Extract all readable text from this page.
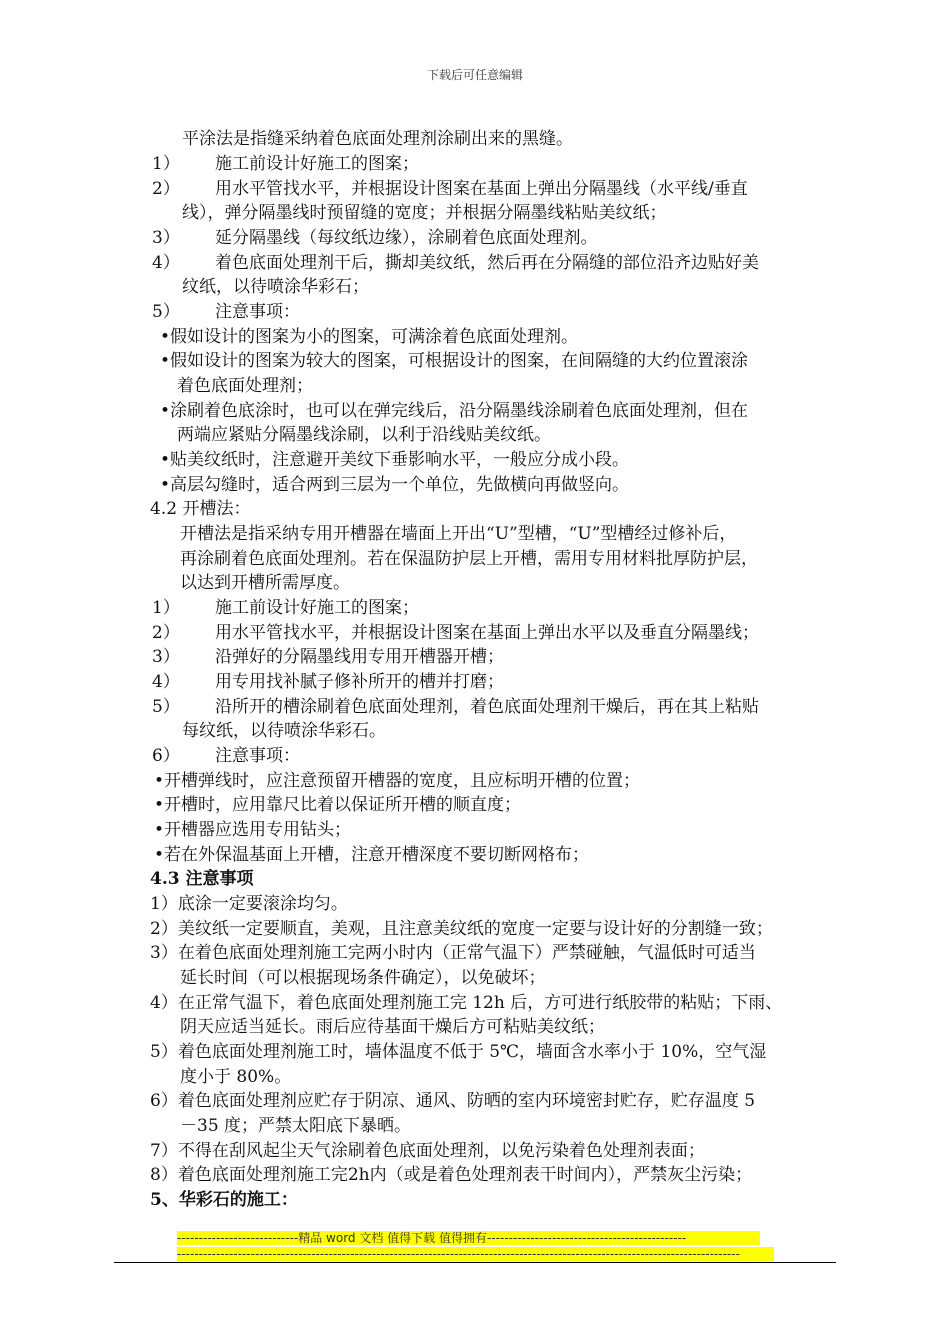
下载后可任意编辑
平涂法是指缝采纳着色底面处理剂涂刷出来的黑缝。
1） 施工前设计好施工的图案；
2） 用水平管找水平，并根据设计图案在基面上弹出分隔墨线（水平线/垂直
线），弹分隔墨线时预留缝的宽度；并根据分隔墨线粘贴美纹纸；
3） 延分隔墨线（每纹纸边缘），涂刷着色底面处理剂。
4） 着色底面处理剂干后，撕却美纹纸，然后再在分隔缝的部位沿齐边贴好美
纹纸，以待喷涂华彩石；
5） 注意事项：
•假如设计的图案为小的图案，可满涂着色底面处理剂。
•假如设计的图案为较大的图案，可根据设计的图案，在间隔缝的大约位置滚涂
着色底面处理剂；
•涂刷着色底涂时，也可以在弹完线后，沿分隔墨线涂刷着色底面处理剂，但在
两端应紧贴分隔墨线涂刷，以利于沿线贴美纹纸。
•贴美纹纸时，注意避开美纹下垂影响水平，一般应分成小段。
•高层勾缝时，适合两到三层为一个单位，先做横向再做竖向。
4.2 开槽法：
开槽法是指采纳专用开槽器在墙面上开出“U”型槽，“U”型槽经过修补后，
再涂刷着色底面处理剂。若在保温防护层上开槽，需用专用材料批厚防护层，
以达到开槽所需厚度。
1） 施工前设计好施工的图案；
2） 用水平管找水平，并根据设计图案在基面上弹出水平以及垂直分隔墨线；
3） 沿弹好的分隔墨线用专用开槽器开槽；
4） 用专用找补腻子修补所开的槽并打磨；
5） 沿所开的槽涂刷着色底面处理剂，着色底面处理剂干燥后，再在其上粘贴
每纹纸，以待喷涂华彩石。
6） 注意事项：
•开槽弹线时，应注意预留开槽器的宽度，且应标明开槽的位置；
•开槽时，应用靠尺比着以保证所开槽的顺直度；
•开槽器应选用专用钻头；
•若在外保温基面上开槽，注意开槽深度不要切断网格布；
4.3 注意事项
1）底涂一定要滚涂均匀。
2）美纹纸一定要顺直，美观，且注意美纹纸的宽度一定要与设计好的分割缝一致；
3）在着色底面处理剂施工完两小时内（正常气温下）严禁碰触，气温低时可适当
延长时间（可以根据现场条件确定），以免破坏；
4）在正常气温下，着色底面处理剂施工完 12h 后，方可进行纸胶带的粘贴；下雨、
阴天应适当延长。雨后应待基面干燥后方可粘贴美纹纸；
5）着色底面处理剂施工时，墙体温度不低于 5℃，墙面含水率小于 10%，空气湿
度小于 80%。
6）着色底面处理剂应贮存于阴凉、通风、防晒的室内环境密封贮存，贮存温度 5
－35 度；严禁太阳底下暴晒。
7）不得在刮风起尘天气涂刷着色底面处理剂，以免污染着色处理剂表面；
8）着色底面处理剂施工完2h内（或是着色处理剂表干时间内），严禁灰尘污染；
5、华彩石的施工：
----------------------------精品 word 文档 值得下载 值得拥有----------------------------------------------
----------------------------------------------------------------------------------------------------------------------------------
